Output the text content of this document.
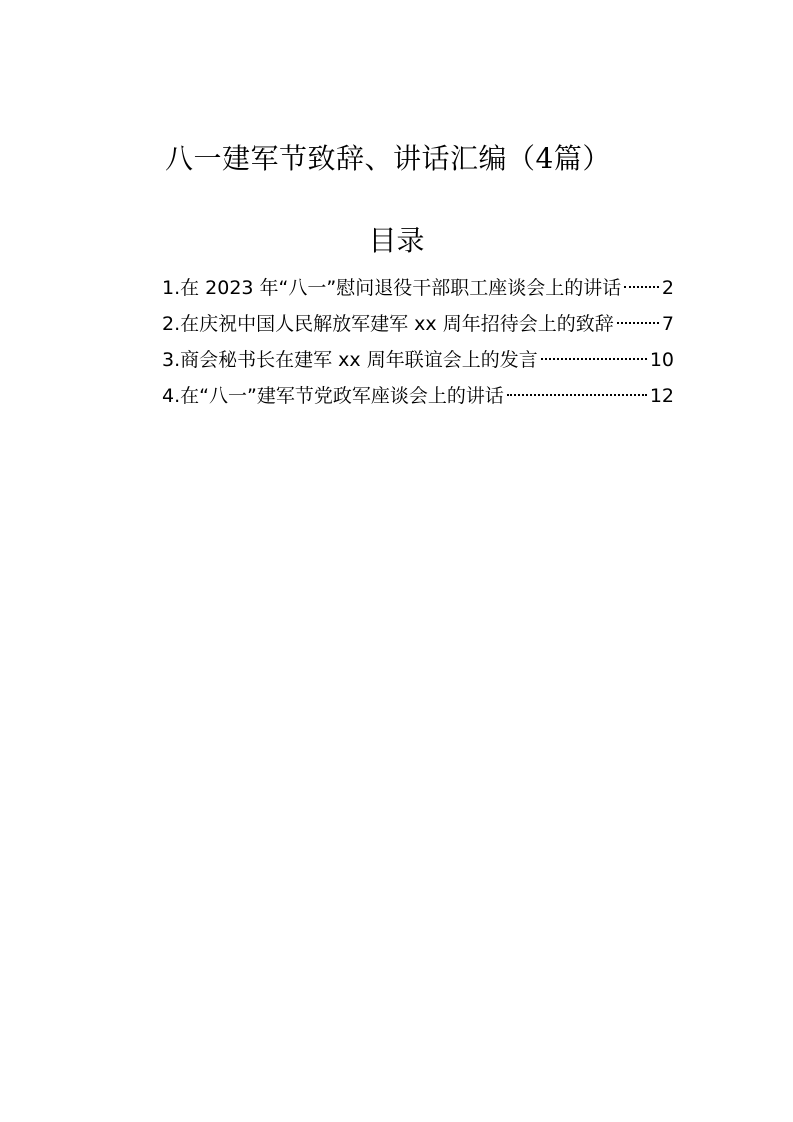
八一建军节致辞、讲话汇编（4篇）
目录
1.在 2023 年“八一”慰问退役干部职工座谈会上的讲话 2
2.在庆祝中国人民解放军建军 xx 周年招待会上的致辞	7
3.商会秘书长在建军 xx 周年联谊会上的发言	10
4.在“八一”建军节党政军座谈会上的讲话	12
